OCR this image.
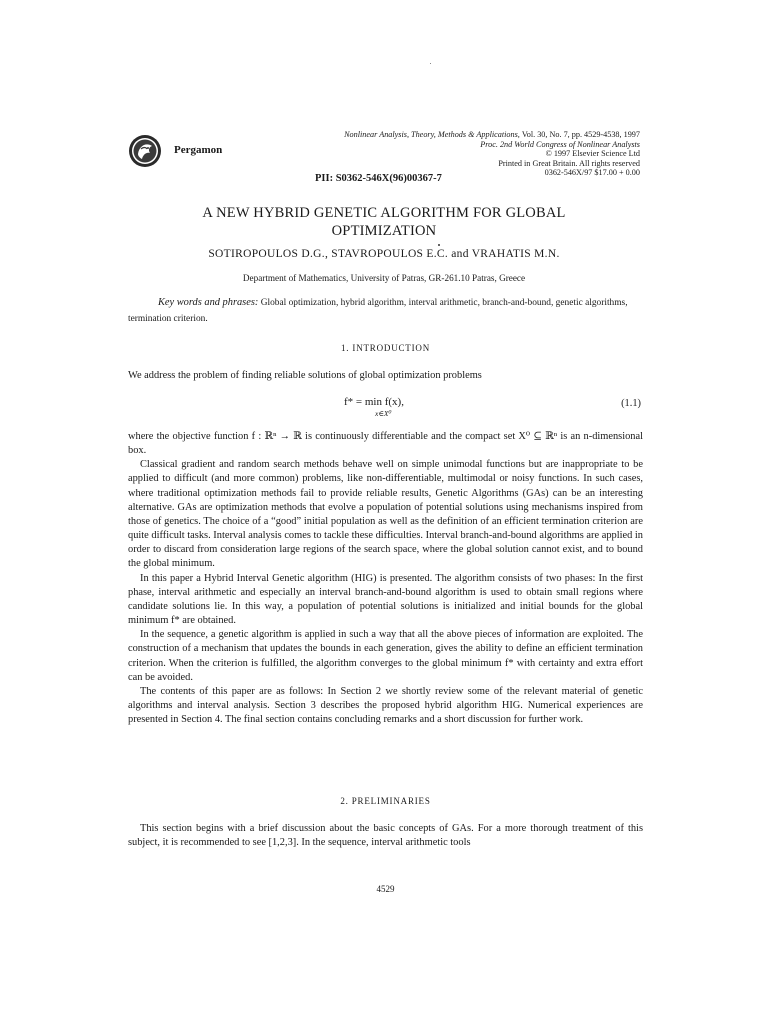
Pergamon
Nonlinear Analysis, Theory, Methods & Applications, Vol. 30, No. 7, pp. 4529-4538, 1997
Proc. 2nd World Congress of Nonlinear Analysts
© 1997 Elsevier Science Ltd
Printed in Great Britain. All rights reserved
0362-546X/97 $17.00 + 0.00
PII: S0362-546X(96)00367-7
A NEW HYBRID GENETIC ALGORITHM FOR GLOBAL
OPTIMIZATION
SOTIROPOULOS D.G., STAVROPOULOS E.C. and VRAHATIS M.N.
Department of Mathematics, University of Patras, GR-261.10 Patras, Greece
Key words and phrases: Global optimization, hybrid algorithm, interval arithmetic, branch-and-bound, genetic algorithms, termination criterion.
1. INTRODUCTION
We address the problem of finding reliable solutions of global optimization problems
f* = min f(x),
x∈X⁰
(1.1)

where the objective function f : ℝⁿ → ℝ is continuously differentiable and the compact set X⁰ ⊆ ℝⁿ is an n-dimensional box.

Classical gradient and random search methods behave well on simple unimodal functions but are inappropriate to be applied to difficult (and more common) problems, like non-differentiable, multimodal or noisy functions. In such cases, where traditional optimization methods fail to provide reliable results, Genetic Algorithms (GAs) can be an interesting alternative. GAs are optimization methods that evolve a population of potential solutions using mechanisms inspired from those of genetics. The choice of a “good” initial population as well as the definition of an efficient termination criterion are quite difficult tasks. Interval analysis comes to tackle these difficulties. Interval branch-and-bound algorithms are applied in order to discard from consideration large regions of the search space, where the global solution cannot exist, and to bound the global minimum.

In this paper a Hybrid Interval Genetic algorithm (HIG) is presented. The algorithm consists of two phases: In the first phase, interval arithmetic and especially an interval branch-and-bound algorithm is used to obtain small regions where candidate solutions lie. In this way, a population of potential solutions is initialized and initial bounds for the global minimum f* are obtained.

In the sequence, a genetic algorithm is applied in such a way that all the above pieces of information are exploited. The construction of a mechanism that updates the bounds in each generation, gives the ability to define an efficient termination criterion. When the criterion is fulfilled, the algorithm converges to the global minimum f* with certainty and extra effort can be avoided.

The contents of this paper are as follows: In Section 2 we shortly review some of the relevant material of genetic algorithms and interval analysis. Section 3 describes the proposed hybrid algorithm HIG. Numerical experiences are presented in Section 4. The final section contains concluding remarks and a short discussion for further work.

2. PRELIMINARIES

This section begins with a brief discussion about the basic concepts of GAs. For a more thorough treatment of this subject, it is recommended to see [1,2,3]. In the sequence, interval arithmetic tools

4529
